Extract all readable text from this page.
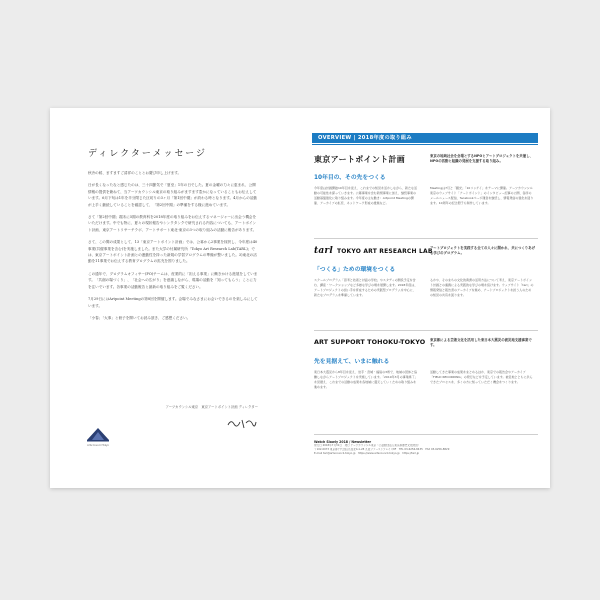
ディレクターメッセージ

秋冷の候、ますますご清祥のこととお慶び申し上げます。

日が長くなったなと感じたのは、三十四節気で「夏至」1年の日でした。夏の金曜の力々に恵まれ、公開情報の提供を兼ねて、当アーツカウンシル東京の取り組みがますます豊かになっていることもお伝えしています。6月下旬は1年を半分閉じた区切りの3ヶ月「第1回中期」が終わる時となります。4月からの活動が上手く継続していることを確認して、「第2回中期」の準備をする様に進めています。

さて「第2回中期」端末に5期の教育科を2018年度の取り組みをお伝えするマネージャーに出会う機会をいただけます。中でも特に、夏々の現状報告やシンクタンクで研究される内容についても、アートポイント計画、東京アートリサーチラボ、アートサポート東北-東京の3つの取り組みの活動に報告があります。

さて、この間の成果として、13「東京アートポイント計画」では、公募から2事業を採択し、今年度は40事業(共催事業を含む)を実施しました。また大学の付属研究所「Tokyo Art Research Lab(TARL)」では、東京アートポイント計画との連動性を持った新規の学習プログラムの準備が整いました。3)東北の活動を11事業でお伝えする教育プログラムの拡充を図りました。

この通年で、プログラムオフィサー(PO)チームは、産業的に「担える事業」に働きかける進展をしています。「共創の場づくり」、「社会への広がり」を意識しながら、現場の活動を「知ってもらう」ことに力を注いでいます。各事業の活動報告と最新の取り組みをご覧ください。

7月29日にはArtpoint Meetingの第8回を開催します。会場でみなさまにお会いできるのを楽しみにしています。

「小春」「大事」と冊子を開いてお読み頂き、ご感想ください。

アーツカウンシル東京　東京アートポイント計画 ディレクター
Arts Council Tokyo
OVERVIEW | 2018年度の取り組み
東京アートポイント計画	東京の地域社会を会場とするNPOとアートプロジェクトを共催し、NPOの活動と組織の発展を支援する取り組み。
10年目の、その先をつくる
今年度は計画開始10年目を迎え、これまでの知見を活かしながら、新たな活動の可能性を探っていきます。公募事業を含む新規事業に加え、継続事業の活動基盤強化に取り組みます。今年度の主な動き：Artpoint Meetingの開催、アーカイブの拡充、ネットワーク形成の推進など。
Meetingは7月と「観光」「10リンゲイ」をテーマに開催。アーツカウンシル東京のウェブサイト「アートポイント」のインタビュー記事の公開、各所のメールニュース配信、facebookページ運営を継続し、情報発信の強化を図ります。10周年の記念冊子も制作しています。
tarl TOKYO ART RESEARCH LAB
アートプロジェクトを実践する全ての人々に開かれ、共につくりあげる学びのプログラム。
「つくる」ための環境をつくる
スクールプログラム「思考と技術と対話の学校」やスタディの開設予定を含む、講座・ワークショップなど多様な学びの場を展開します。2018年度は、アートプロジェクトの担い手を育成するための実践型プログラムを中心に、新たなプログラムを準備しています。
るかや、そのまちの文化的資源の活用方法について考え、東京アートポイント計画との連携による実践的な学びの場を設けます。ウェブサイト「tarl」の情報発信と報告書のアーカイブを進め、アートプロジェクトを担う人のための知見の共有を図ります。
ART SUPPORT TOHOKU-TOKYO 東京都による芸術文化を活用した東日本大震災の被災地支援事業です。
先を見据えて、いまに触れる
東日本大震災から8年目を迎え、岩手・宮城・福島の3県で、地域の団体と協働しながらアートプロジェクトを実施しています。「2019年3月の事業終了」を見据え、これまでの活動の成果を各地域に還元していくための取り組みを進めます。
活動してきた事業の成果をまとめるほか、東京での報告会やアーカイブ「FIELD RECORDING」の発行などを予定しています。被災地とともに歩んできたプロセスを、多くの方に知っていただく機会をつくります。
Watch Slowly 2018 / Newsletter
発行日 2018年7月31日　発行 アーツカウンシル東京（公益財団法人東京都歴史文化財団）
〒102-0073 東京都千代田区九段北4-1-28 九段ファーストプレイス8F　TEL 03-6256-8435　FAX 03-6256-8829
E-mail tarl@artscouncil-tokyo.jp　https://www.artscouncil-tokyo.jp　https://tarl.jp
